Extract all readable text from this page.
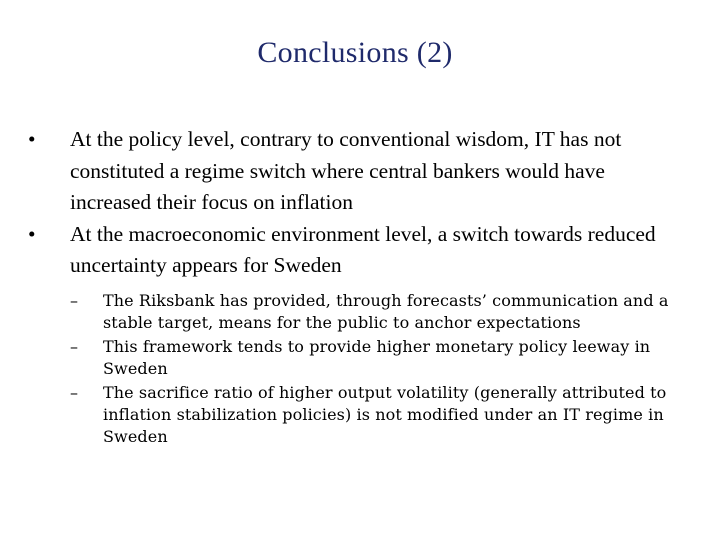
Conclusions (2)

•	At the policy level, contrary to conventional wisdom, IT has not constituted a regime switch where central bankers would have increased their focus on inflation

•	At the macroeconomic environment level, a switch towards reduced uncertainty appears for Sweden

–	The Riksbank has provided, through forecasts’ communication and a stable target, means for the public to anchor expectations

–	This framework tends to provide higher monetary policy leeway in Sweden

–	The sacrifice ratio of higher output volatility (generally attributed to inflation stabilization policies) is not modified under an IT regime in Sweden
